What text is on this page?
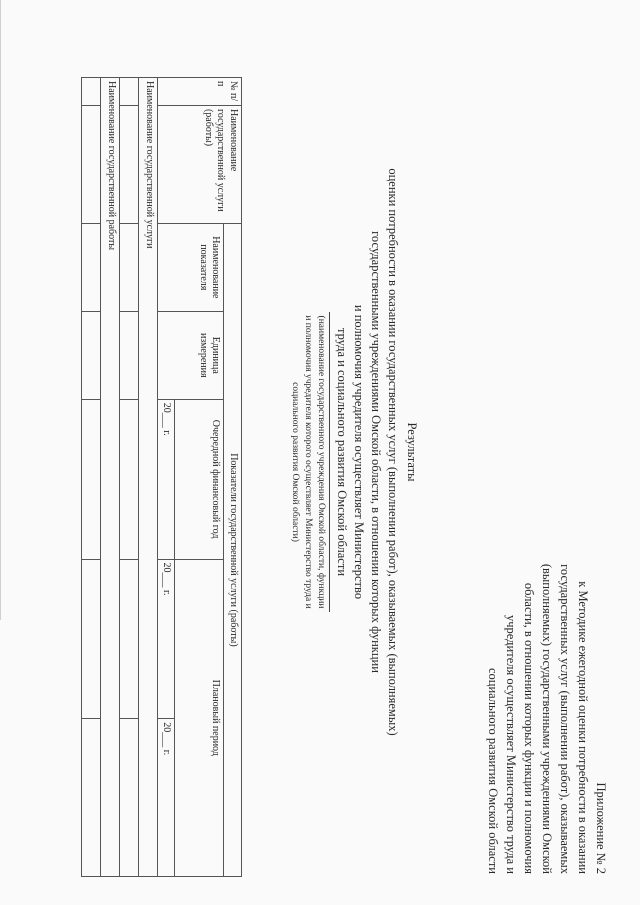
Приложение № 2
к Методике ежегодной оценки потребности в оказании
государственных услуг (выполнении работ), оказываемых
(выполняемых) государственными учреждениями Омской
области, в отношении которых функции и полномочия
учредителя осуществляет Министерство труда и
социального развития Омской области
Результаты
оценки потребности в оказании государственных услуг (выполнении работ), оказываемых (выполняемых)
государственными учреждениями Омской области, в отношении которых функции
и полномочия учредителя осуществляет Министерство
труда и социального развития Омской области
(наименование государственного учреждения Омской области, функции
и полномочия учредителя которого осуществляет Министерство труда и
социального развития Омской области)
№ п/п	Наименование государственной услуги (работы)	Показатели государственной услуги (работы)				
		Наименование показателя	Единица измерения	Очередной финансовый год	Плановый период	
				20___ г.	20___ г.	20___ г.
Наименование государственной услуги						

Наименование государственной работы						
